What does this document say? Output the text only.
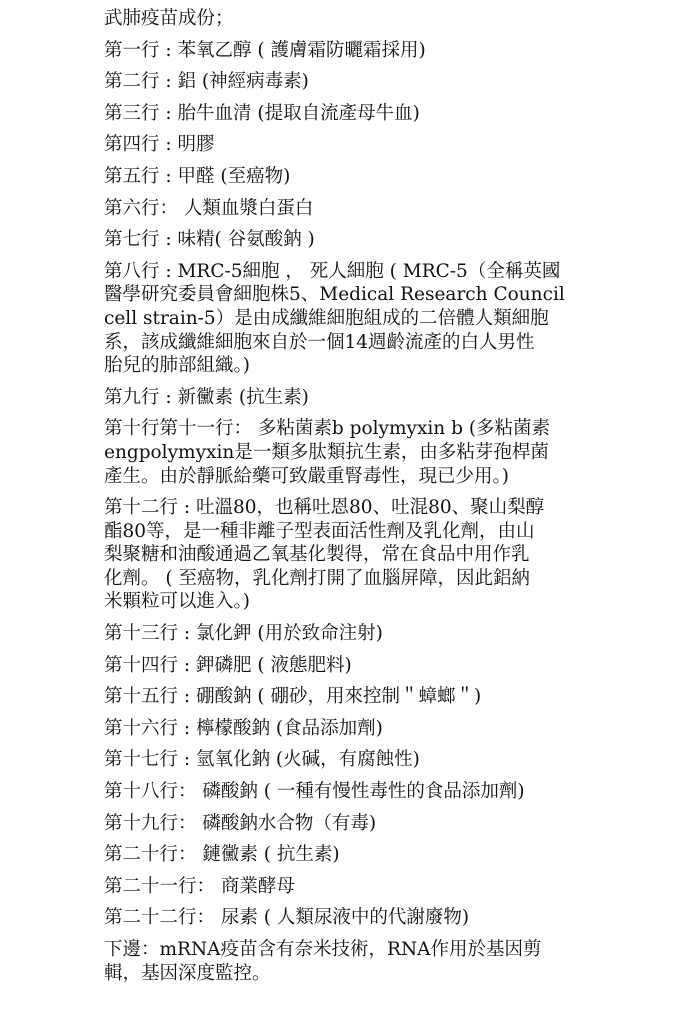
武肺疫苗成份；
第一行 : 苯氧乙醇 ( 護膚霜防曬霜採用)
第二行 : 鋁 (神經病毒素)
第三行 : 胎牛血清 (提取自流產母牛血)
第四行 : 明膠
第五行 : 甲醛 (至癌物)
第六行： 人類血漿白蛋白
第七行 : 味精( 谷氨酸鈉 )
第八行 : MRC-5細胞 ， 死人細胞 ( MRC-5（全稱英國
醫學研究委員會細胞株5、Medical Research Council
cell strain-5）是由成纖維細胞組成的二倍體人類細胞
系，該成纖維細胞來自於一個14週齡流產的白人男性
胎兒的肺部組織。)
第九行 : 新黴素 (抗生素)
第十行第十一行： 多粘菌素b polymyxin b (多粘菌素
engpolymyxin是一類多肽類抗生素，由多粘芽孢桿菌
產生。由於靜脈給藥可致嚴重腎毒性，現已少用。)
第十二行 : 吐溫80，也稱吐恩80、吐混80、聚山梨醇
酯80等，是一種非離子型表面活性劑及乳化劑，由山
梨聚糖和油酸通過乙氧基化製得，常在食品中用作乳
化劑。 ( 至癌物，乳化劑打開了血腦屏障，因此鋁納
米顆粒可以進入。)
第十三行 : 氯化鉀 (用於致命注射)
第十四行 : 鉀磷肥 ( 液態肥料)
第十五行 : 硼酸鈉 ( 硼砂，用來控制＂蟑螂＂)
第十六行 : 檸檬酸鈉 (食品添加劑)
第十七行 : 氫氧化鈉 (火碱，有腐蝕性)
第十八行： 磷酸鈉 ( 一種有慢性毒性的食品添加劑)
第十九行： 磷酸鈉水合物（有毒)
第二十行： 鏈黴素 ( 抗生素)
第二十一行： 商業酵母
第二十二行： 尿素 ( 人類尿液中的代謝廢物)
下邊：mRNA疫苗含有奈米技術，RNA作用於基因剪
輯，基因深度監控。
